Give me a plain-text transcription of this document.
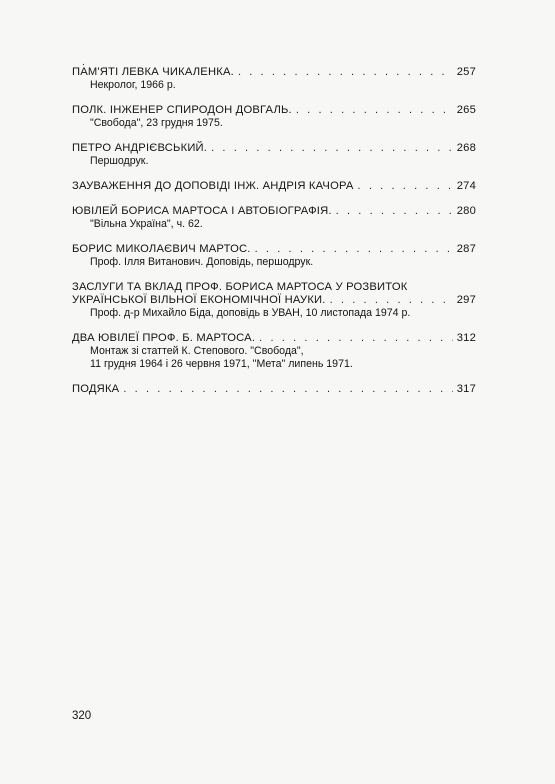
.
ПАМ'ЯТІ ЛЕВКА ЧИКАЛЕНКА. . . .	257
Некролог, 1966 р.
ПОЛК. ІНЖЕНЕР СПИРОДОН ДОВГАЛЬ. . . .	265
"Свобода", 23 грудня 1975.
ПЕТРО АНДРІЄВСЬКИЙ. . . .	268
Першодрук.
ЗАУВАЖЕННЯ ДО ДОПОВІДІ ІНЖ. АНДРІЯ КАЧОРА . . .	274
ЮВІЛЕЙ БОРИСА МАРТОСА І АВТОБІОГРАФІЯ. . . .	280
"Вільна Україна", ч. 62.
БОРИС МИКОЛАЄВИЧ МАРТОС. . . .	287
Проф. Ілля Витанович. Доповідь, першодрук.
ЗАСЛУГИ ТА ВКЛАД ПРОФ. БОРИСА МАРТОСА У РОЗВИТОК
УКРАЇНСЬКОЇ ВІЛЬНОЇ ЕКОНОМІЧНОЇ НАУКИ. . . .	297
Проф. д-р Михайло Біда, доповідь в УВАН, 10 листопада 1974 р.
ДВА ЮВІЛЕЇ ПРОФ. Б. МАРТОСА. . . .	312
Монтаж зі статтей К. Степового. "Свобода",
11 грудня 1964 і 26 червня 1971, "Мета" липень 1971.
ПОДЯКА . . .	317
320
